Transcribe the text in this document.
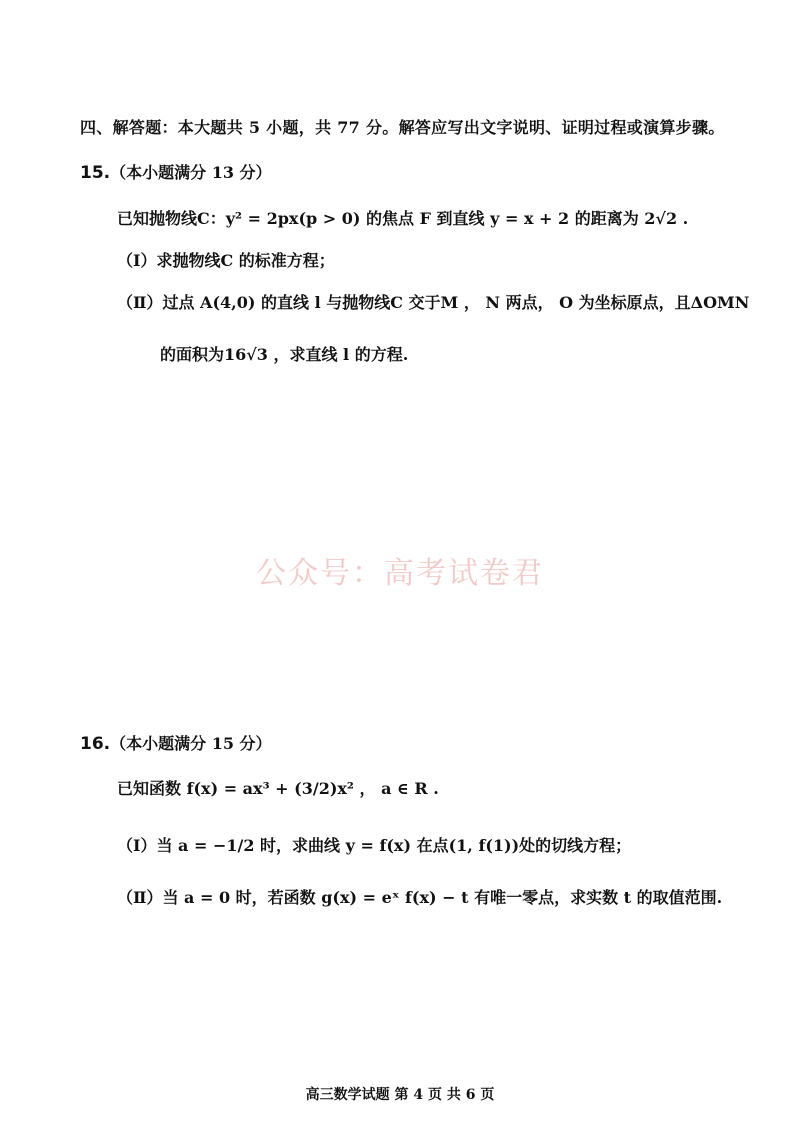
四、解答题：本大题共 5 小题，共 77 分。解答应写出文字说明、证明过程或演算步骤。
15.（本小题满分 13 分）
已知抛物线C：y² = 2px(p > 0) 的焦点 F 到直线 y = x + 2 的距离为 2√2 .
（Ⅰ）求抛物线C 的标准方程；
（Ⅱ）过点 A(4,0) 的直线 l 与抛物线C 交于M ， N 两点， O 为坐标原点，且ΔOMN
的面积为16√3 ，求直线 l 的方程.
公众号：高考试卷君
16.（本小题满分 15 分）
已知函数 f(x) = ax³ + (3/2)x² ， a ∈ R .
（Ⅰ）当 a = −1/2 时，求曲线 y = f(x) 在点(1, f(1))处的切线方程；
（Ⅱ）当 a = 0 时，若函数 g(x) = eˣ f(x) − t 有唯一零点，求实数 t 的取值范围.
高三数学试题 第 4 页 共 6 页
